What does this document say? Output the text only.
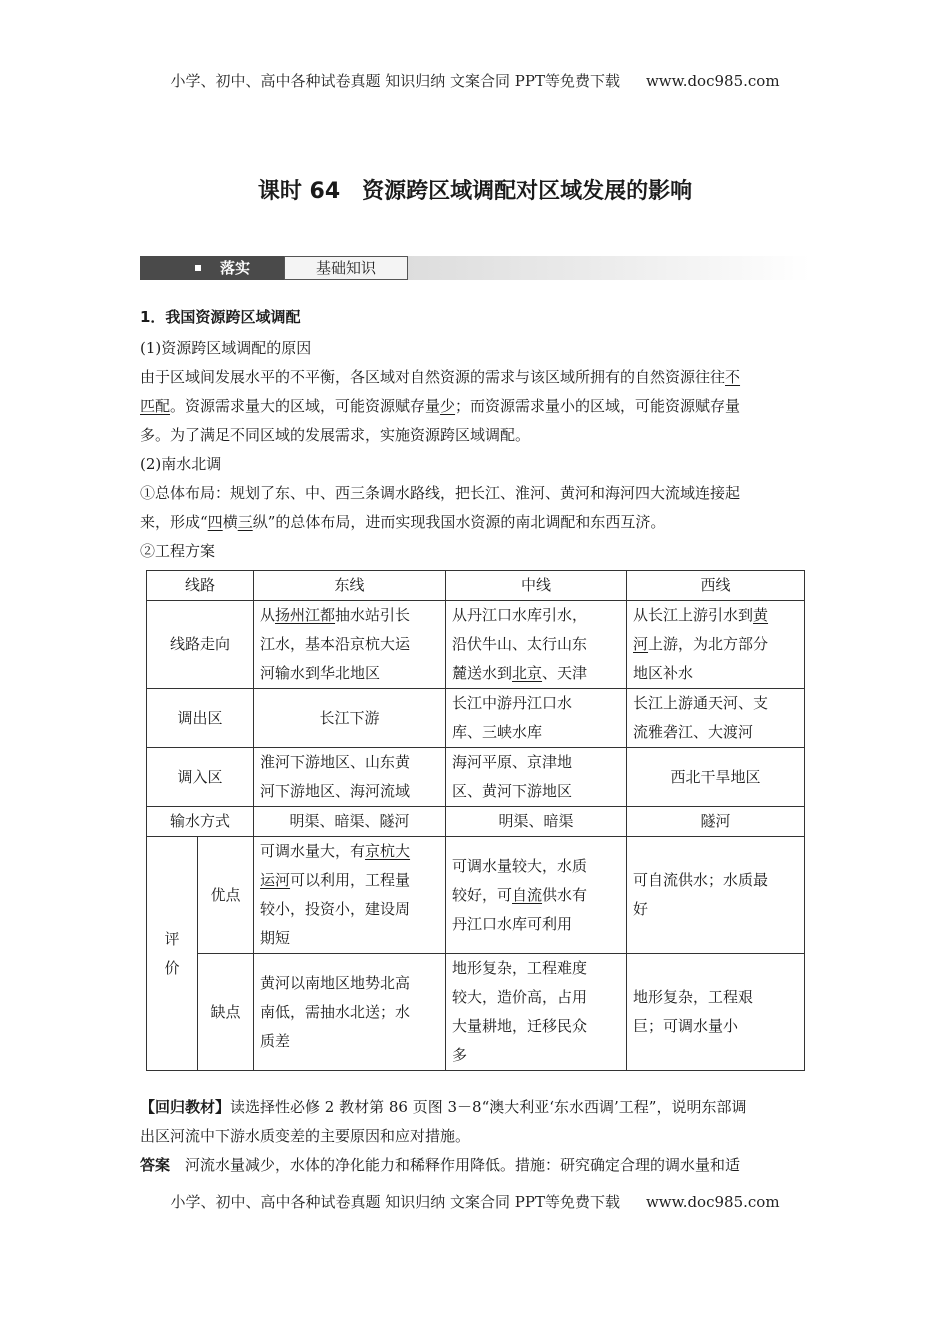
小学、初中、高中各种试卷真题 知识归纳 文案合同 PPT等免费下载 www.doc985.com
课时 64　资源跨区域调配对区域发展的影响
落实	基础知识
1．我国资源跨区域调配
(1)资源跨区域调配的原因
由于区域间发展水平的不平衡，各区域对自然资源的需求与该区域所拥有的自然资源往往不
匹配。资源需求量大的区域，可能资源赋存量少；而资源需求量小的区域，可能资源赋存量
多。为了满足不同区域的发展需求，实施资源跨区域调配。
(2)南水北调
①总体布局：规划了东、中、西三条调水路线，把长江、淮河、黄河和海河四大流域连接起
来，形成“四横三纵”的总体布局，进而实现我国水资源的南北调配和东西互济。
②工程方案
线路		东线	中线	西线
线路走向		从扬州江都抽水站引长
江水，基本沿京杭大运
河输水到华北地区	从丹江口水库引水，
沿伏牛山、太行山东
麓送水到北京、天津	从长江上游引水到黄
河上游，为北方部分
地区补水
调出区		长江下游	长江中游丹江口水
库、三峡水库	长江上游通天河、支
流雅砻江、大渡河
调入区		淮河下游地区、山东黄
河下游地区、海河流域	海河平原、京津地
区、黄河下游地区	西北干旱地区
输水方式		明渠、暗渠、隧河	明渠、暗渠	隧河
评
价	优点	可调水量大，有京杭大
运河可以利用，工程量
较小，投资小，建设周
期短	可调水量较大，水质
较好，可自流供水有
丹江口水库可利用	可自流供水；水质最
好
	缺点	黄河以南地区地势北高
南低，需抽水北送；水
质差	地形复杂，工程难度
较大，造价高，占用
大量耕地，迁移民众
多	地形复杂，工程艰
巨；可调水量小
【回归教材】读选择性必修 2 教材第 86 页图 3－8“澳大利亚‘东水西调’工程”，说明东部调
出区河流中下游水质变差的主要原因和应对措施。
答案　 河流水量减少，水体的净化能力和稀释作用降低。措施：研究确定合理的调水量和适
小学、初中、高中各种试卷真题 知识归纳 文案合同 PPT等免费下载 www.doc985.com
